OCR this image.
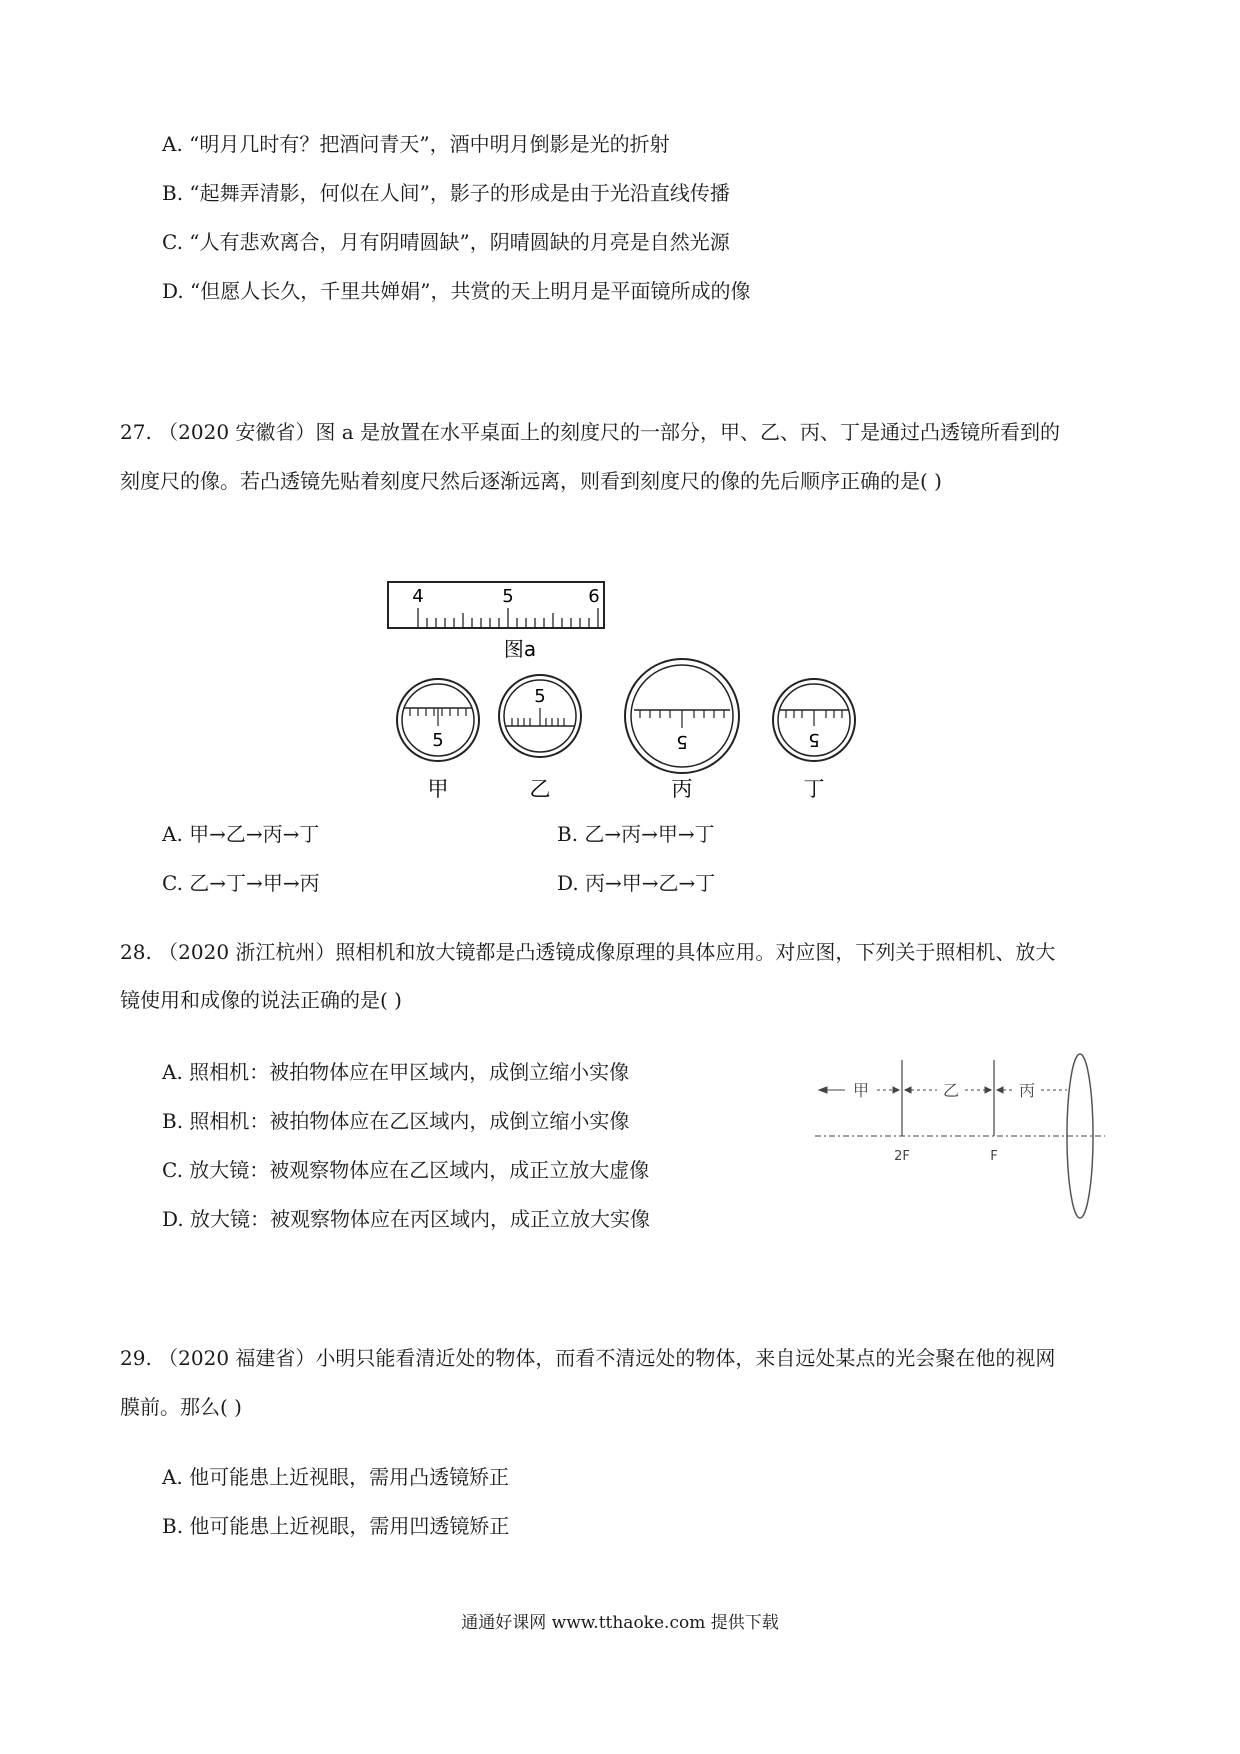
A. “明月几时有？把酒问青天”，酒中明月倒影是光的折射
B. “起舞弄清影，何似在人间”，影子的形成是由于光沿直线传播
C. “人有悲欢离合，月有阴晴圆缺”，阴晴圆缺的月亮是自然光源
D. “但愿人长久，千里共婵娟”，共赏的天上明月是平面镜所成的像
27. （2020 安徽省）图 a 是放置在水平桌面上的刻度尺的一部分，甲、乙、丙、丁是通过凸透镜所看到的
刻度尺的像。若凸透镜先贴着刻度尺然后逐渐远离，则看到刻度尺的像的先后顺序正确的是( )
4	5	6
图a
5
甲
5
乙
5
丙
5
丁
A. 甲→乙→丙→丁	B. 乙→丙→甲→丁
C. 乙→丁→甲→丙	D. 丙→甲→乙→丁
28. （2020 浙江杭州）照相机和放大镜都是凸透镜成像原理的具体应用。对应图，下列关于照相机、放大
镜使用和成像的说法正确的是( )
A. 照相机：被拍物体应在甲区域内，成倒立缩小实像
B. 照相机：被拍物体应在乙区域内，成倒立缩小实像
C. 放大镜：被观察物体应在乙区域内，成正立放大虚像
D. 放大镜：被观察物体应在丙区域内，成正立放大实像
甲	乙	丙
2F	F
29. （2020 福建省）小明只能看清近处的物体，而看不清远处的物体，来自远处某点的光会聚在他的视网
膜前。那么( )
A. 他可能患上近视眼，需用凸透镜矫正
B. 他可能患上近视眼，需用凹透镜矫正
通通好课网 www.tthaoke.com 提供下载
